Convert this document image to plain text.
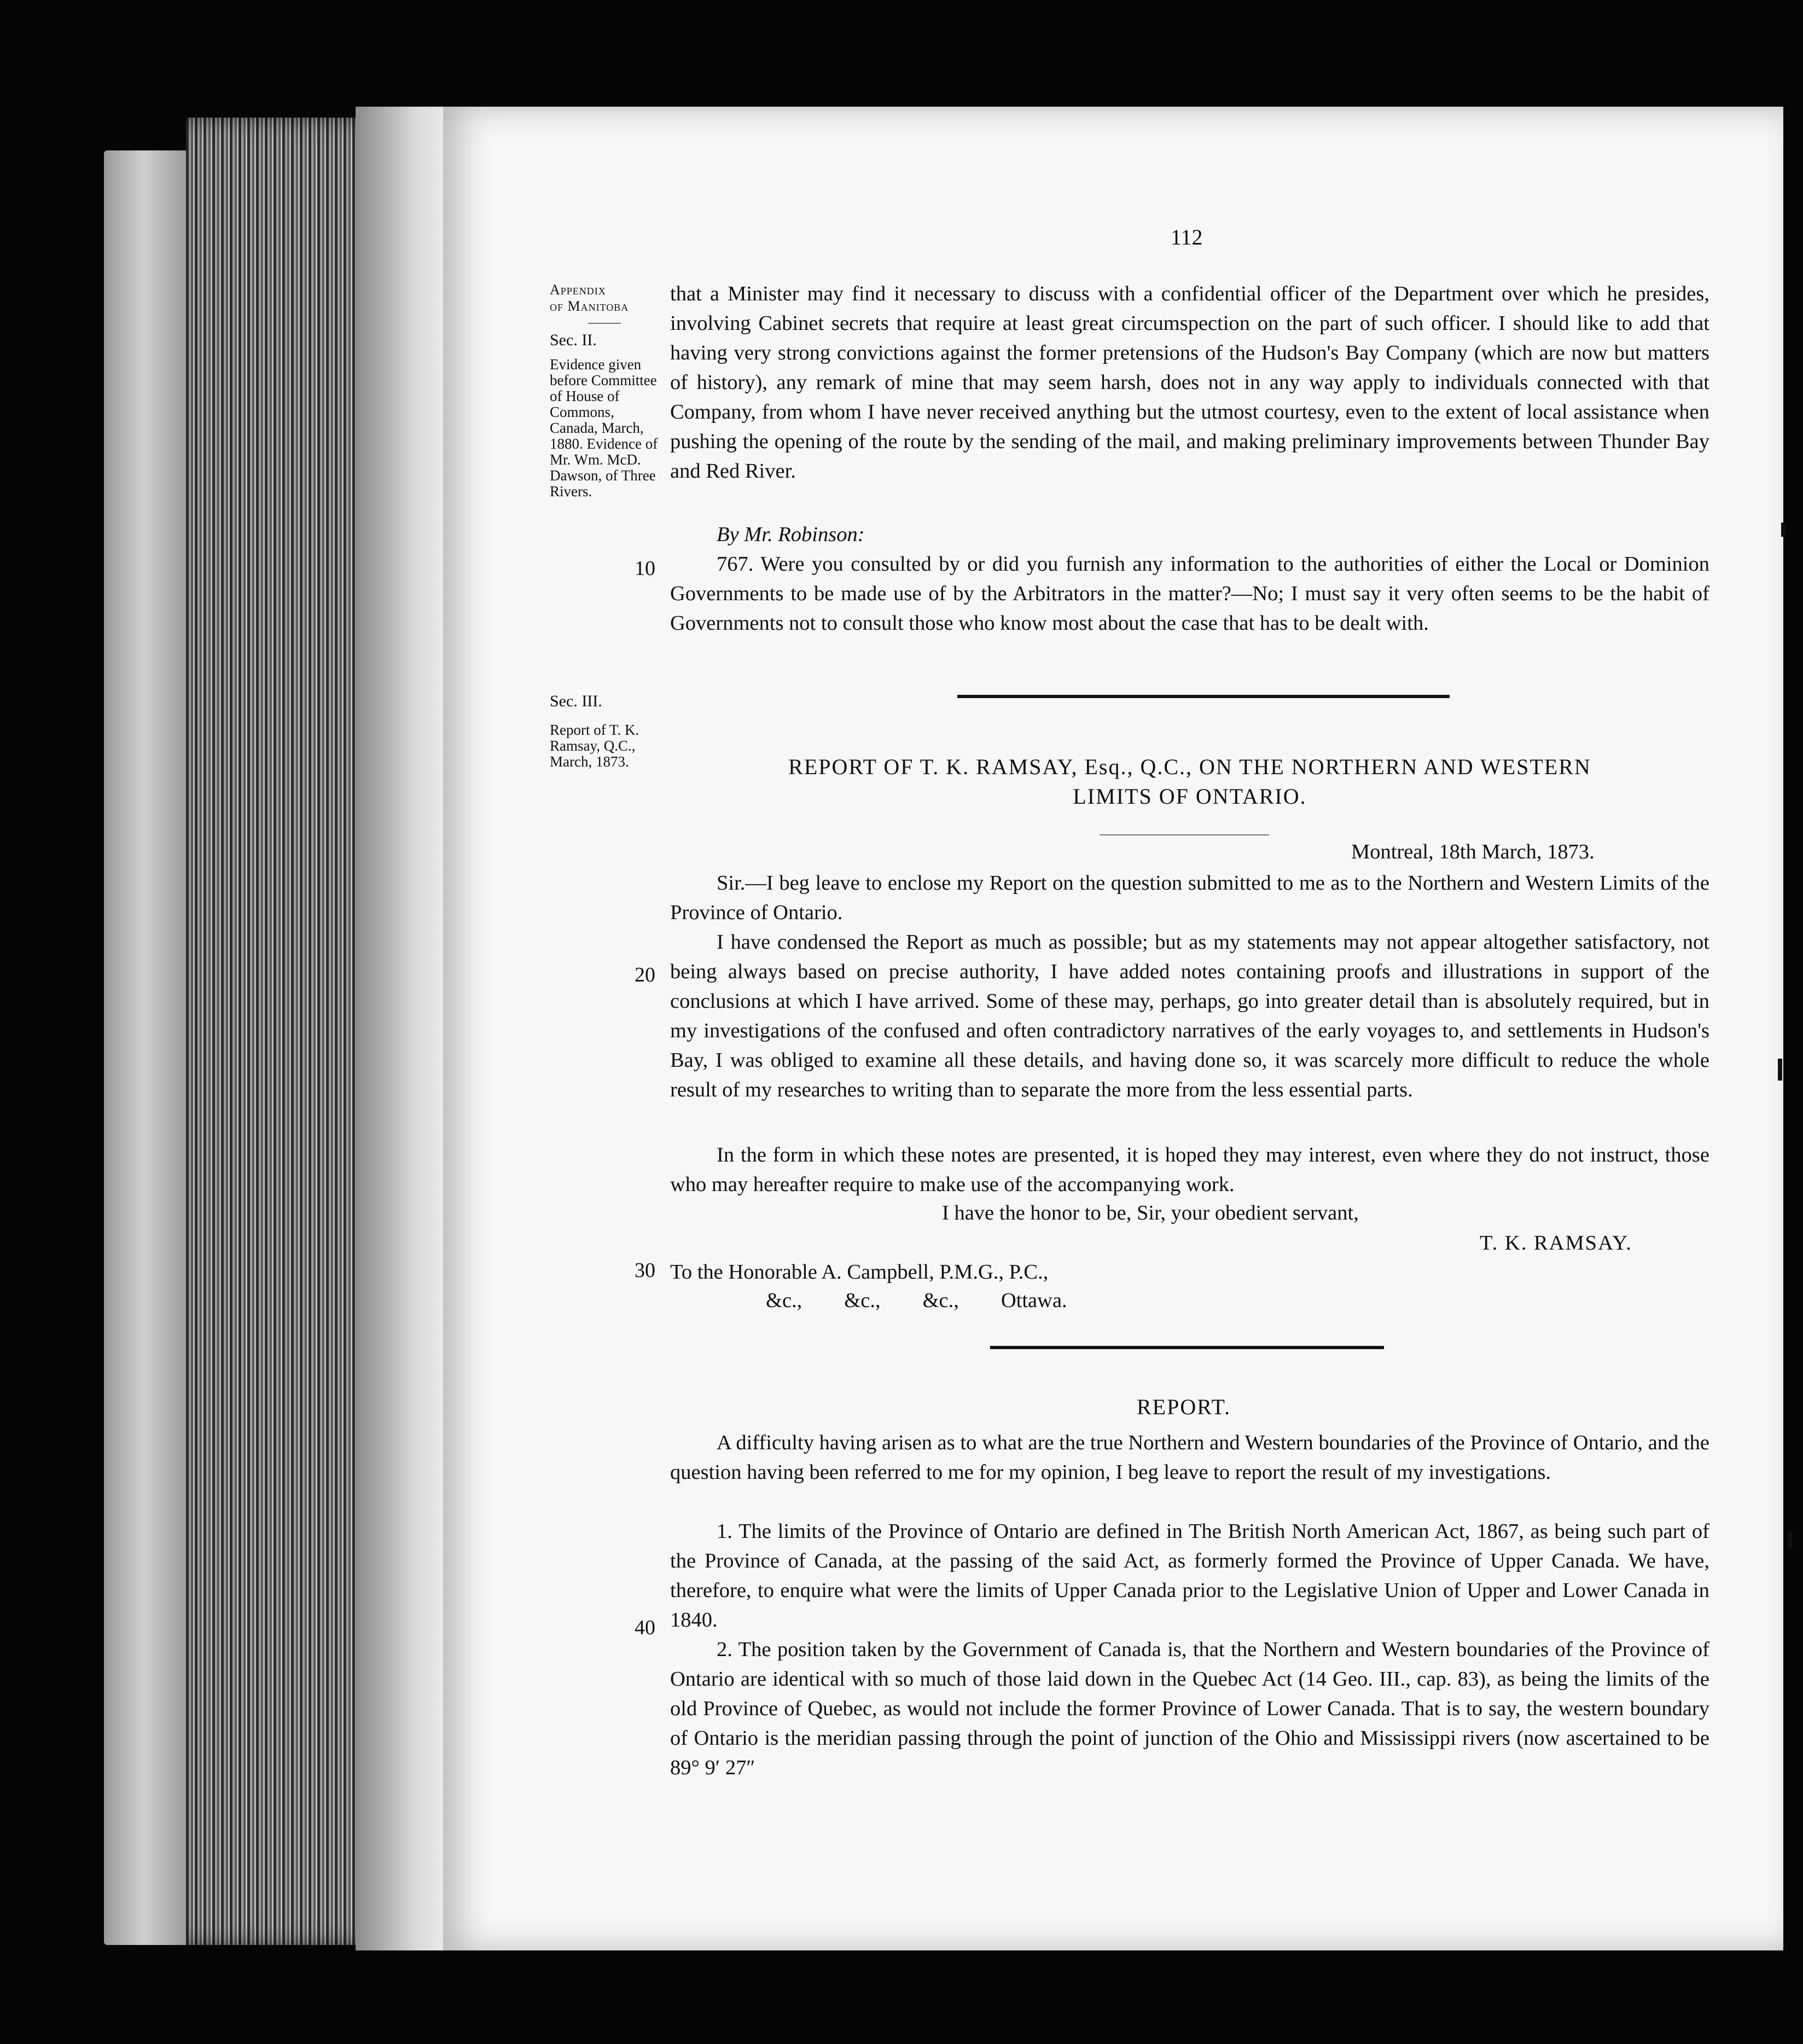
112
Appendix
of Manitoba
Sec. II.
Evidence given before Committee of House of Commons, Canada, March, 1880. Evidence of Mr. Wm. McD. Dawson, of Three Rivers.
Sec. III.
Report of T. K. Ramsay, Q.C., March, 1873.
10
20
30
40

that a Minister may find it necessary to discuss with a confidential officer of the Department over which he presides, involving Cabinet secrets that require at least great circumspection on the part of such officer. I should like to add that having very strong convictions against the former pretensions of the Hudson's Bay Company (which are now but matters of history), any remark of mine that may seem harsh, does not in any way apply to individuals connected with that Company, from whom I have never received anything but the utmost courtesy, even to the extent of local assistance when pushing the opening of the route by the sending of the mail, and making preliminary improvements between Thunder Bay and Red River.

By Mr. Robinson:

767. Were you consulted by or did you furnish any information to the authorities of either the Local or Dominion Governments to be made use of by the Arbitrators in the matter?—No; I must say it very often seems to be the habit of Governments not to consult those who know most about the case that has to be dealt with.

REPORT OF T. K. RAMSAY, Esq., Q.C., ON THE NORTHERN AND WESTERN
LIMITS OF ONTARIO.
Montreal, 18th March, 1873.

Sir.—I beg leave to enclose my Report on the question submitted to me as to the Northern and Western Limits of the Province of Ontario.

I have condensed the Report as much as possible; but as my statements may not appear altogether satisfactory, not being always based on precise authority, I have added notes containing proofs and illustrations in support of the conclusions at which I have arrived. Some of these may, perhaps, go into greater detail than is absolutely required, but in my investigations of the confused and often contradictory narratives of the early voyages to, and settlements in Hudson's Bay, I was obliged to examine all these details, and having done so, it was scarcely more difficult to reduce the whole result of my researches to writing than to separate the more from the less essential parts.

In the form in which these notes are presented, it is hoped they may interest, even where they do not instruct, those who may hereafter require to make use of the accompanying work.

I have the honor to be, Sir, your obedient servant,
T. K. RAMSAY.
To the Honorable A. Campbell, P.M.G., P.C.,
&c.,        &c.,        &c.,        Ottawa.
REPORT.

A difficulty having arisen as to what are the true Northern and Western boundaries of the Province of Ontario, and the question having been referred to me for my opinion, I beg leave to report the result of my investigations.

1. The limits of the Province of Ontario are defined in The British North American Act, 1867, as being such part of the Province of Canada, at the passing of the said Act, as formerly formed the Province of Upper Canada. We have, therefore, to enquire what were the limits of Upper Canada prior to the Legislative Union of Upper and Lower Canada in 1840.

2. The position taken by the Government of Canada is, that the Northern and Western boundaries of the Province of Ontario are identical with so much of those laid down in the Quebec Act (14 Geo. III., cap. 83), as being the limits of the old Province of Quebec, as would not include the former Province of Lower Canada. That is to say, the western boundary of Ontario is the meridian passing through the point of junction of the Ohio and Mississippi rivers (now ascertained to be 89° 9′ 27″
